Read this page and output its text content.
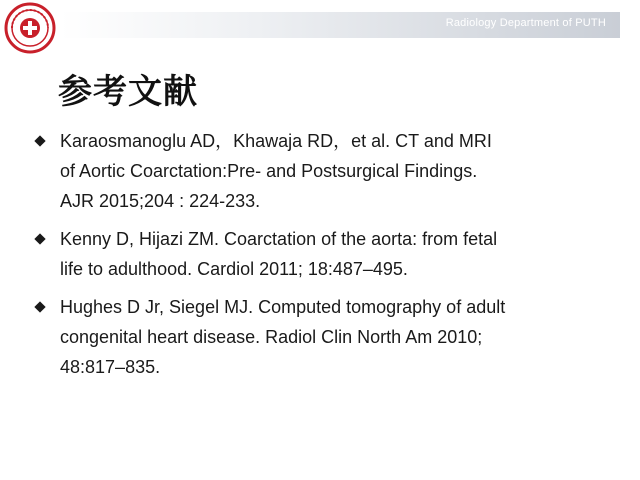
Radiology Department of PUTH
参考文献
Karaosmanoglu AD，Khawaja RD，et al. CT and MRI
of Aortic Coarctation:Pre- and Postsurgical Findings.
AJR 2015;204 : 224-233.
Kenny D, Hijazi ZM. Coarctation of the aorta: from fetal
life to adulthood. Cardiol 2011; 18:487–495.
Hughes D Jr, Siegel MJ. Computed tomography of adult
congenital heart disease. Radiol Clin North Am 2010;
48:817–835.
